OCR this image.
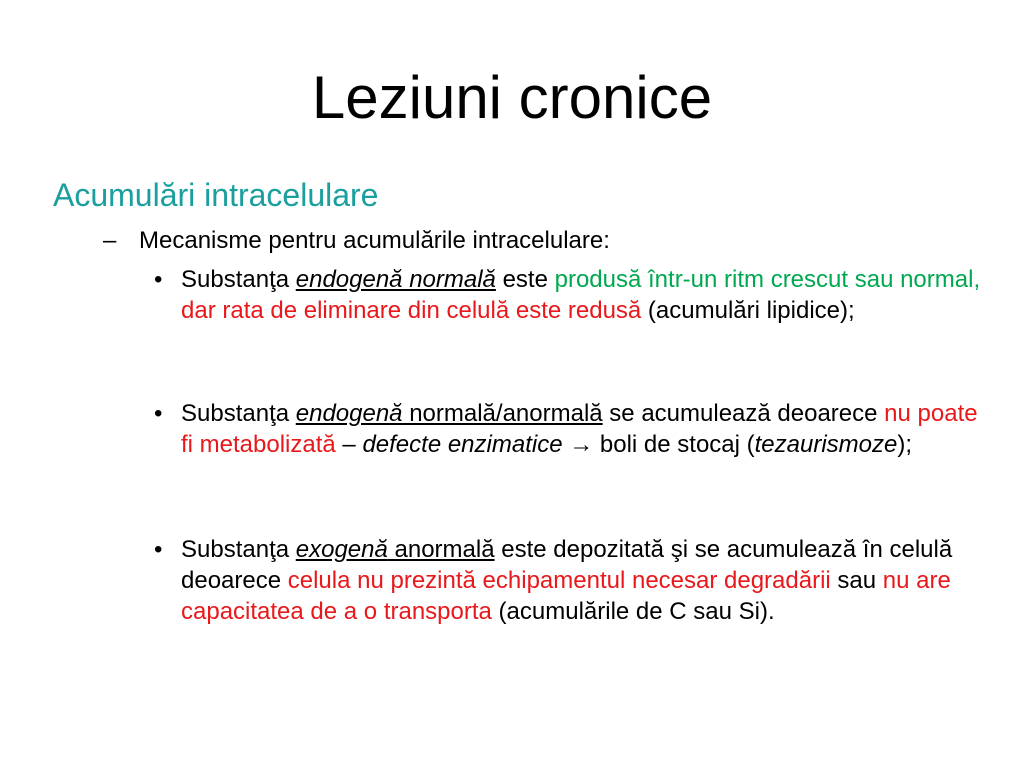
Leziuni cronice
Acumulări intracelulare
– Mecanisme pentru acumulările intracelulare:
• Substanţa endogenă normală este produsă într-un ritm crescut sau normal, dar rata de eliminare din celulă este redusă (acumulări lipidice);
• Substanţa endogenă normală/anormală se acumulează deoarece nu poate fi metabolizată – defecte enzimatice → boli de stocaj (tezaurismoze);
• Substanţa exogenă anormală este depozitată şi se acumulează în celulă deoarece celula nu prezintă echipamentul necesar degradării sau nu are capacitatea de a o transporta (acumulările de C sau Si).
